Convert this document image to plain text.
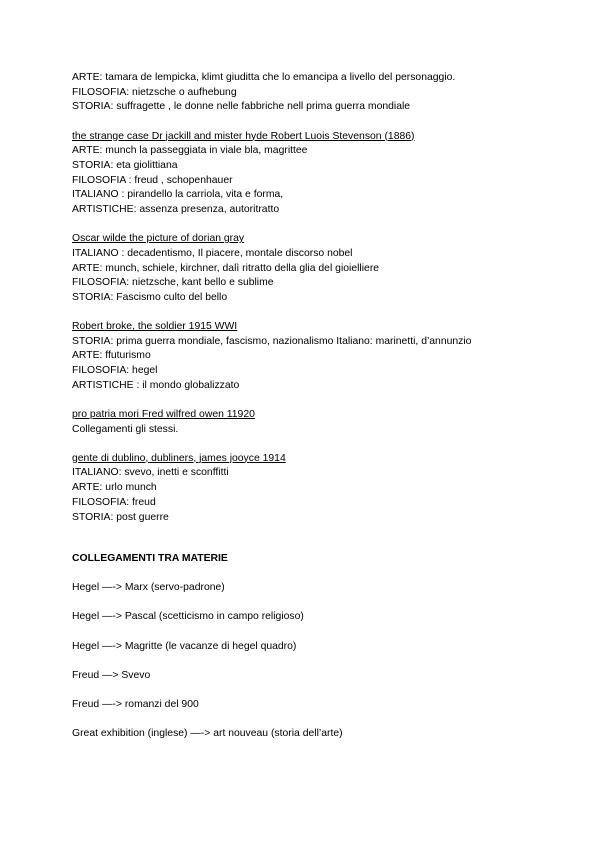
ARTE: tamara de lempicka, klimt giuditta che lo emancipa a livello del personaggio.
FILOSOFIA: nietzsche o aufhebung
STORIA: suffragette , le donne nelle fabbriche nell prima guerra mondiale
the strange case Dr jackill and mister hyde Robert Luois Stevenson (1886)
ARTE: munch la passeggiata in viale bla, magrittee
STORIA: eta giolittiana
FILOSOFIA : freud , schopenhauer
ITALIANO : pirandello la carriola, vita e forma,
ARTISTICHE: assenza presenza, autoritratto
Oscar wilde the picture of dorian gray
ITALIANO : decadentismo, Il piacere, montale discorso nobel
ARTE: munch, schiele, kirchner, dalì ritratto della glia del gioielliere
FILOSOFIA: nietzsche, kant bello e sublime
STORIA: Fascismo culto del bello
Robert broke, the soldier 1915 WWI
STORIA: prima guerra mondiale, fascismo, nazionalismo Italiano: marinetti, d’annunzio
ARTE: ffuturismo
FILOSOFIA: hegel
ARTISTICHE : il mondo globalizzato
pro patria mori Fred wilfred owen 11920
Collegamenti gli stessi.
gente di dublino, dubliners, james jooyce 1914
ITALIANO: svevo, inetti e sconffitti
ARTE: urlo munch
FILOSOFIA: freud
STORIA: post guerre
COLLEGAMENTI TRA MATERIE
Hegel —-> Marx (servo-padrone)
Hegel —-> Pascal (scetticismo in campo religioso)
Hegel —-> Magritte (le vacanze di hegel quadro)
Freud —> Svevo
Freud —-> romanzi del 900
Great exhibition (inglese) —-> art nouveau (storia dell’arte)
